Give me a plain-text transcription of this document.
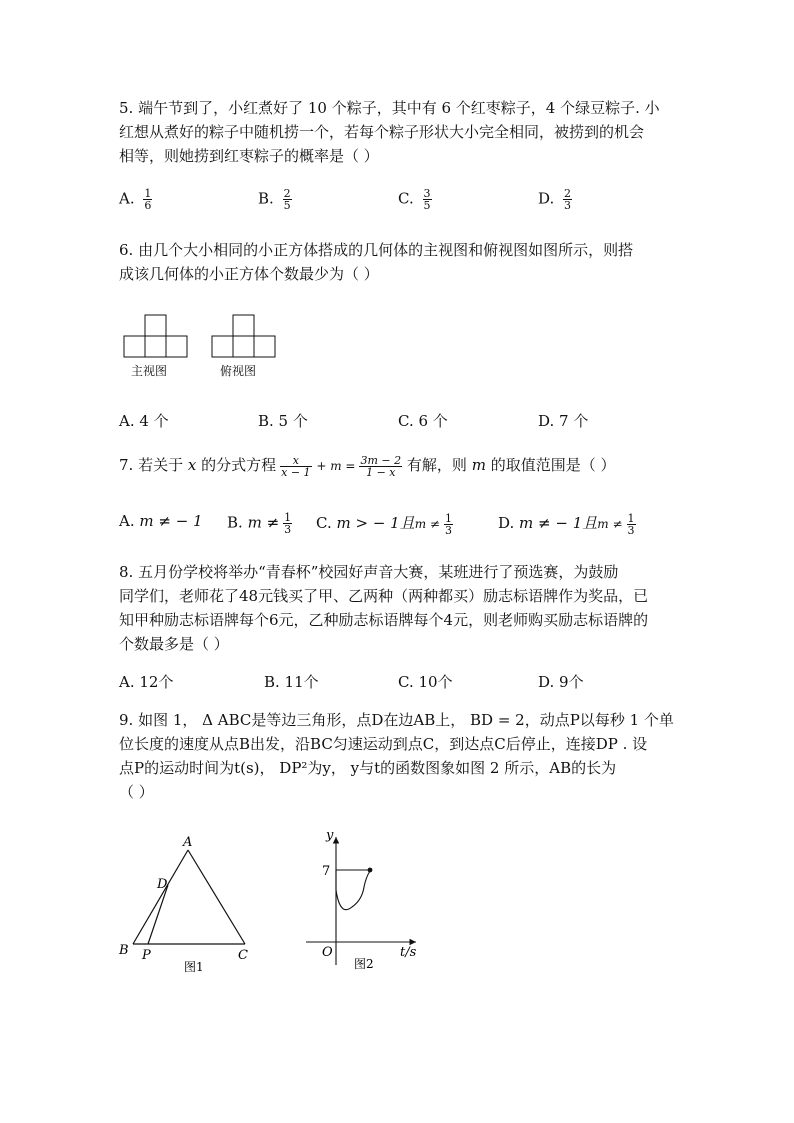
5. 端午节到了，小红煮好了 10 个粽子，其中有 6 个红枣粽子，4 个绿豆粽子. 小

红想从煮好的粽子中随机捞一个，若每个粽子形状大小完全相同，被捞到的机会

相等，则她捞到红枣粽子的概率是（ ）

A. $\frac{1}{6}$	B. $\frac{2}{5}$	C. $\frac{3}{5}$	D. $\frac{2}{3}$

6. 由几个大小相同的小正方体搭成的几何体的主视图和俯视图如图所示，则搭

成该几何体的小正方体个数最少为（ ）

主视图	俯视图
A. 4 个	B. 5 个	C. 6 个	D. 7 个
7. 若关于 x 的分式方程 $\frac{x}{x - 1} + m = \frac{3m - 2}{1 - x}$ 有解，则 m 的取值范围是（ ）
A. m ≠ − 1 B. $m \ne \frac{1}{3} C$. m > − 1且$m \ne \frac{1}{3}$	D. m ≠ − 1且$m \ne \frac{1}{3}$

8. 五月份学校将举办“青春杯”校园好声音大赛，某班进行了预选赛，为鼓励

同学们，老师花了48元钱买了甲、乙两种（两种都买）励志标语牌作为奖品，已

知甲种励志标语牌每个6元，乙种励志标语牌每个4元，则老师购买励志标语牌的

个数最多是（ ）

A. 12个	B. 11个	C. 10个	D. 9个

9. 如图 1， Δ ABC是等边三角形，点D在边AB上， BD = 2，动点P以每秒 1 个单

位长度的速度从点B出发，沿BC匀速运动到点C，到达点C后停止，连接DP . 设

点P的运动时间为t(s)， DP²为y， y与t的函数图象如图 2 所示，AB的长为

（ ）

A
D
B P	C
图1
y
7
O	t/s
图2
